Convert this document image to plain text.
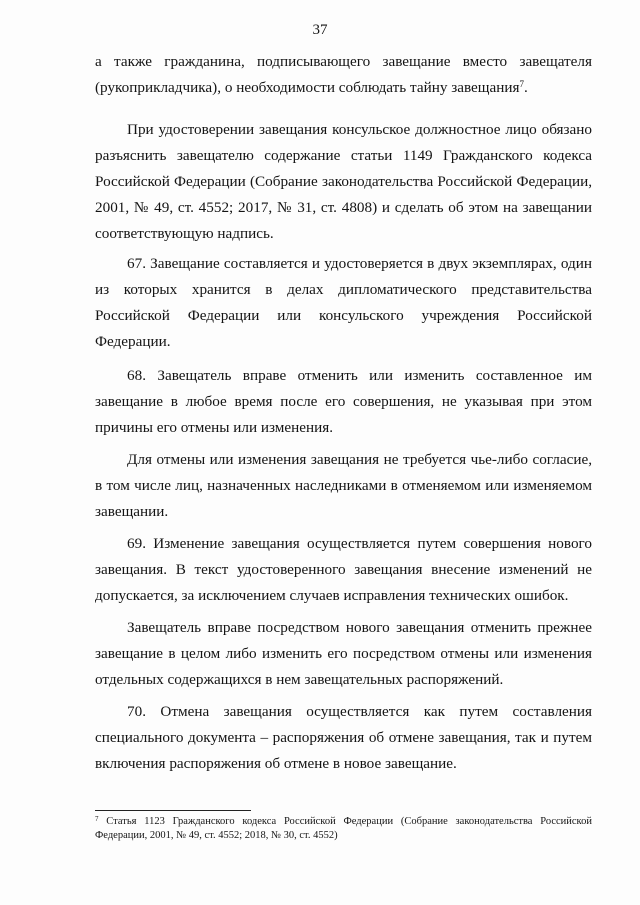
37

а также гражданина, подписывающего завещание вместо завещателя (рукоприкладчика), о необходимости соблюдать тайну завещания$^7$.

При удостоверении завещания консульское должностное лицо обязано разъяснить завещателю содержание статьи 1149 Гражданского кодекса Российской Федерации (Собрание законодательства Российской Федерации, 2001, № 49, ст. 4552; 2017, № 31, ст. 4808) и сделать об этом на завещании соответствующую надпись.

67. Завещание составляется и удостоверяется в двух экземплярах, один из которых хранится в делах дипломатического представительства Российской Федерации или консульского учреждения Российской Федерации.

68. Завещатель вправе отменить или изменить составленное им завещание в любое время после его совершения, не указывая при этом причины его отмены или изменения.

Для отмены или изменения завещания не требуется чье-либо согласие, в том числе лиц, назначенных наследниками в отменяемом или изменяемом завещании.

69. Изменение завещания осуществляется путем совершения нового завещания. В текст удостоверенного завещания внесение изменений не допускается, за исключением случаев исправления технических ошибок.

Завещатель вправе посредством нового завещания отменить прежнее завещание в целом либо изменить его посредством отмены или изменения отдельных содержащихся в нем завещательных распоряжений.

70. Отмена завещания осуществляется как путем составления специального документа – распоряжения об отмене завещания, так и путем включения распоряжения об отмене в новое завещание.

$^7$ Статья 1123 Гражданского кодекса Российской Федерации (Собрание законодательства Российской Федерации, 2001, № 49, ст. 4552; 2018, № 30, ст. 4552)
